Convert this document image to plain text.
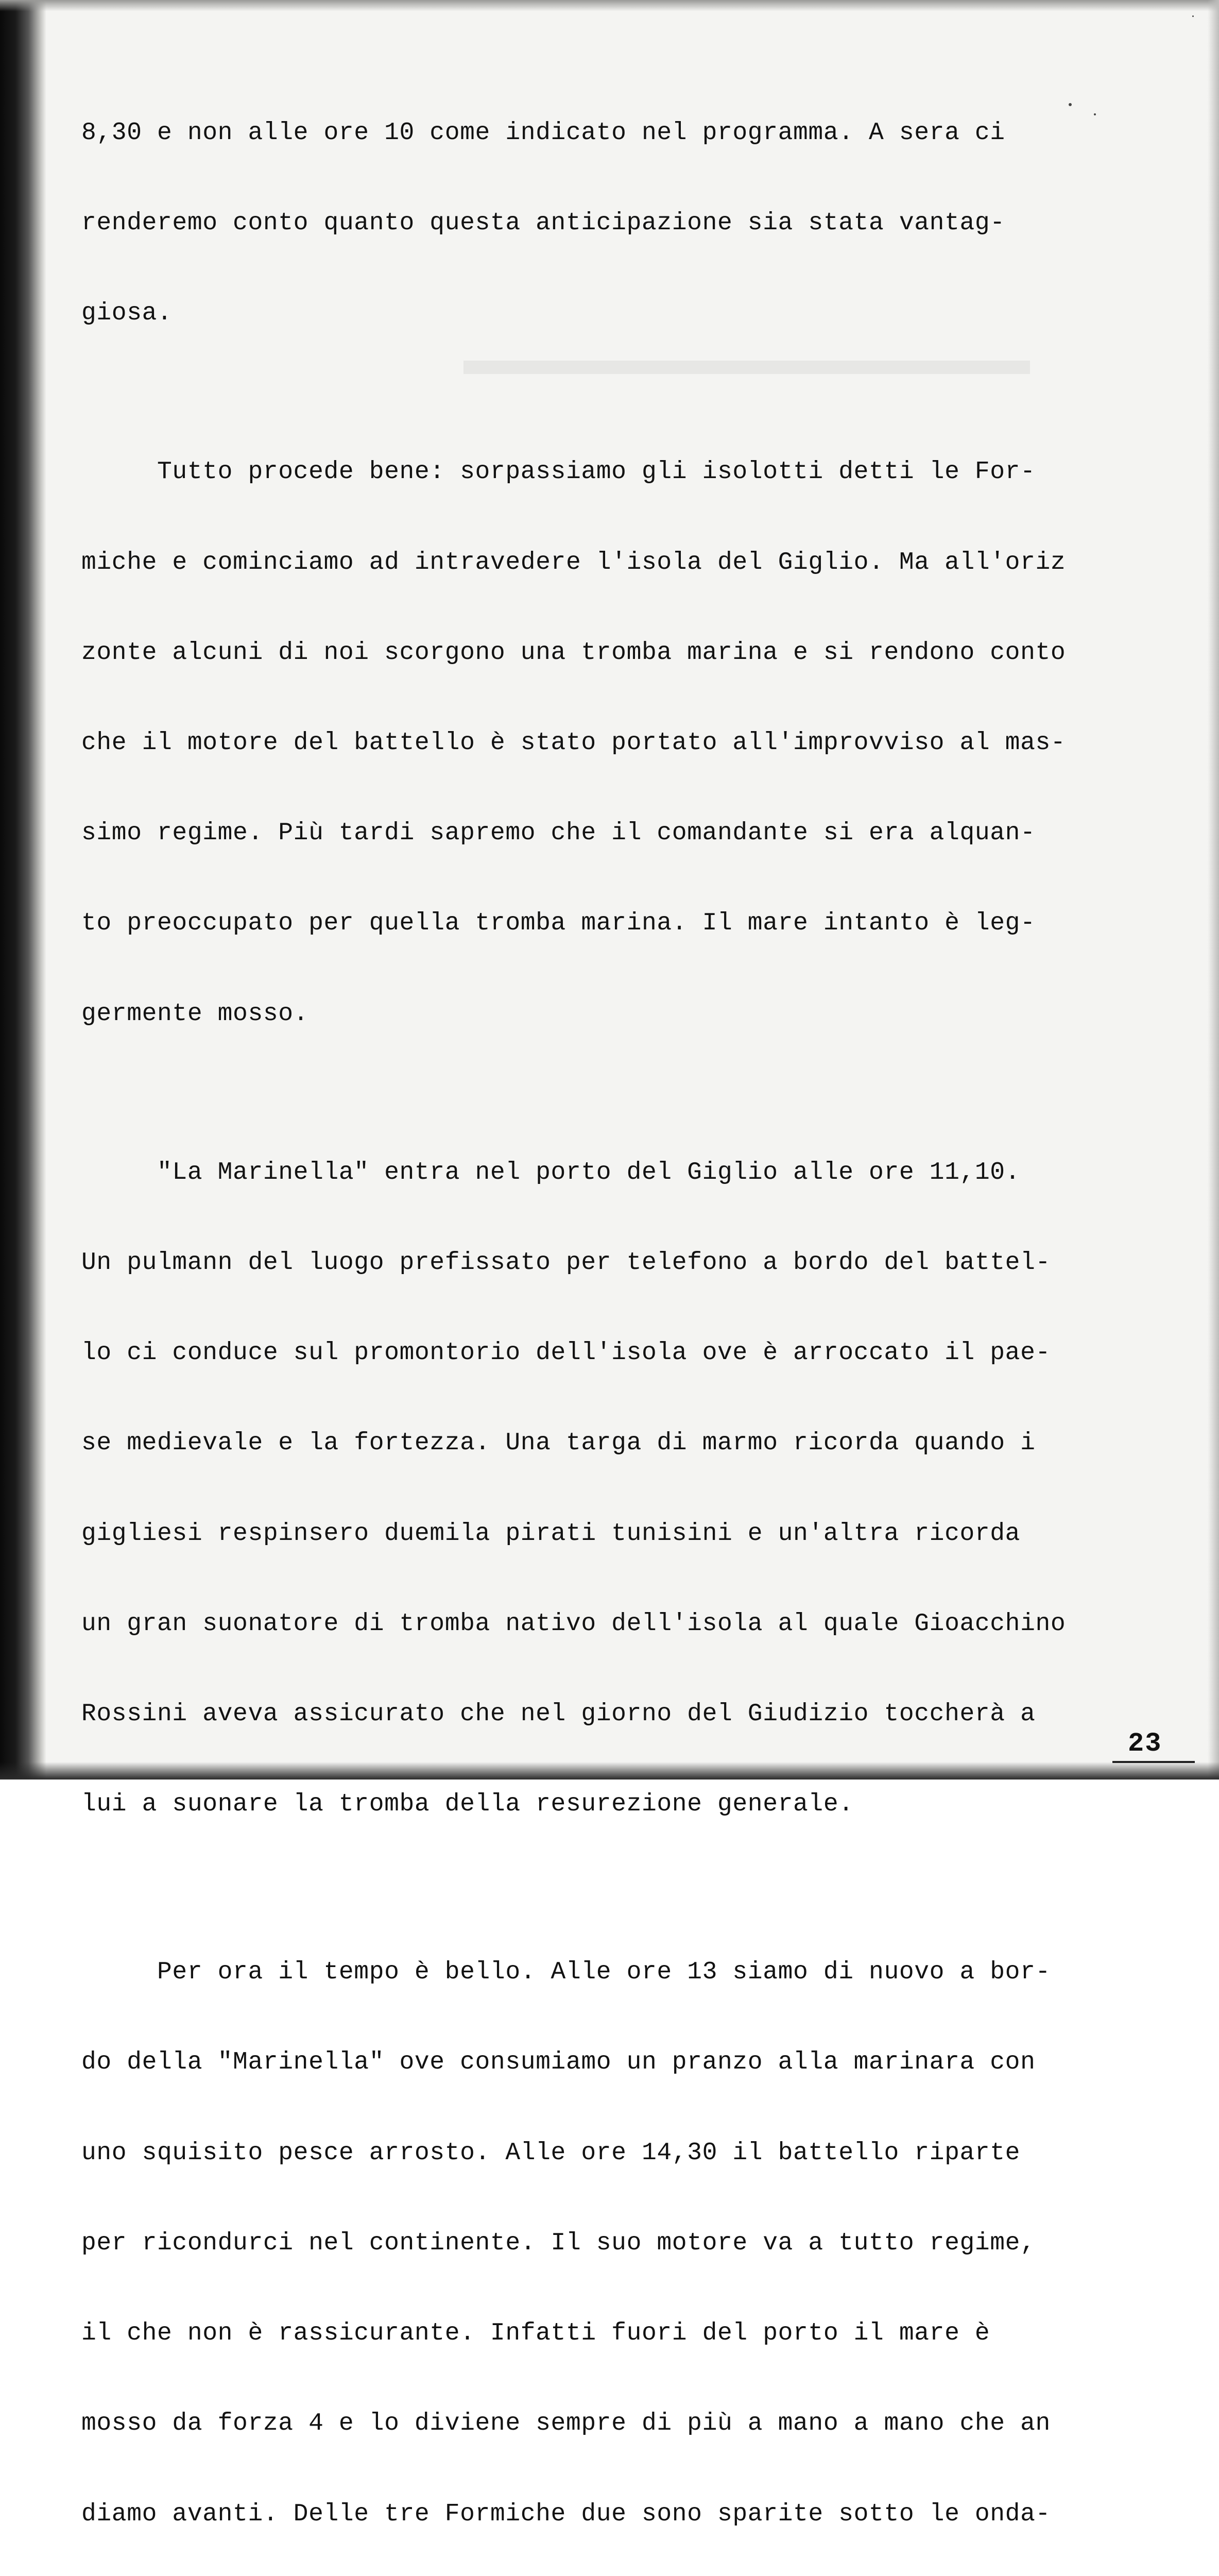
8,30 e non alle ore 10 come indicato nel programma. A sera ci

renderemo conto quanto questa anticipazione sia stata vantag-

giosa.

Tutto procede bene: sorpassiamo gli isolotti detti le For-

miche e cominciamo ad intravedere l'isola del Giglio. Ma all'oriz

zonte alcuni di noi scorgono una tromba marina e si rendono conto

che il motore del battello è stato portato all'improvviso al mas-

simo regime. Più tardi sapremo che il comandante si era alquan-

to preoccupato per quella tromba marina. Il mare intanto è leg-

germente mosso.

"La Marinella" entra nel porto del Giglio alle ore 11,10.

Un pulmann del luogo prefissato per telefono a bordo del battel-

lo ci conduce sul promontorio dell'isola ove è arroccato il pae-

se medievale e la fortezza. Una targa di marmo ricorda quando i

gigliesi respinsero duemila pirati tunisini e un'altra ricorda

un gran suonatore di tromba nativo dell'isola al quale Gioacchino

Rossini aveva assicurato che nel giorno del Giudizio toccherà a

lui a suonare la tromba della resurezione generale.

Per ora il tempo è bello. Alle ore 13 siamo di nuovo a bor-

do della "Marinella" ove consumiamo un pranzo alla marinara con

uno squisito pesce arrosto. Alle ore 14,30 il battello riparte

per ricondurci nel continente. Il suo motore va a tutto regime,

il che non è rassicurante. Infatti fuori del porto il mare è

mosso da forza 4 e lo diviene sempre di più a mano a mano che an

diamo avanti. Delle tre Formiche due sono sparite sotto le onda-

23
